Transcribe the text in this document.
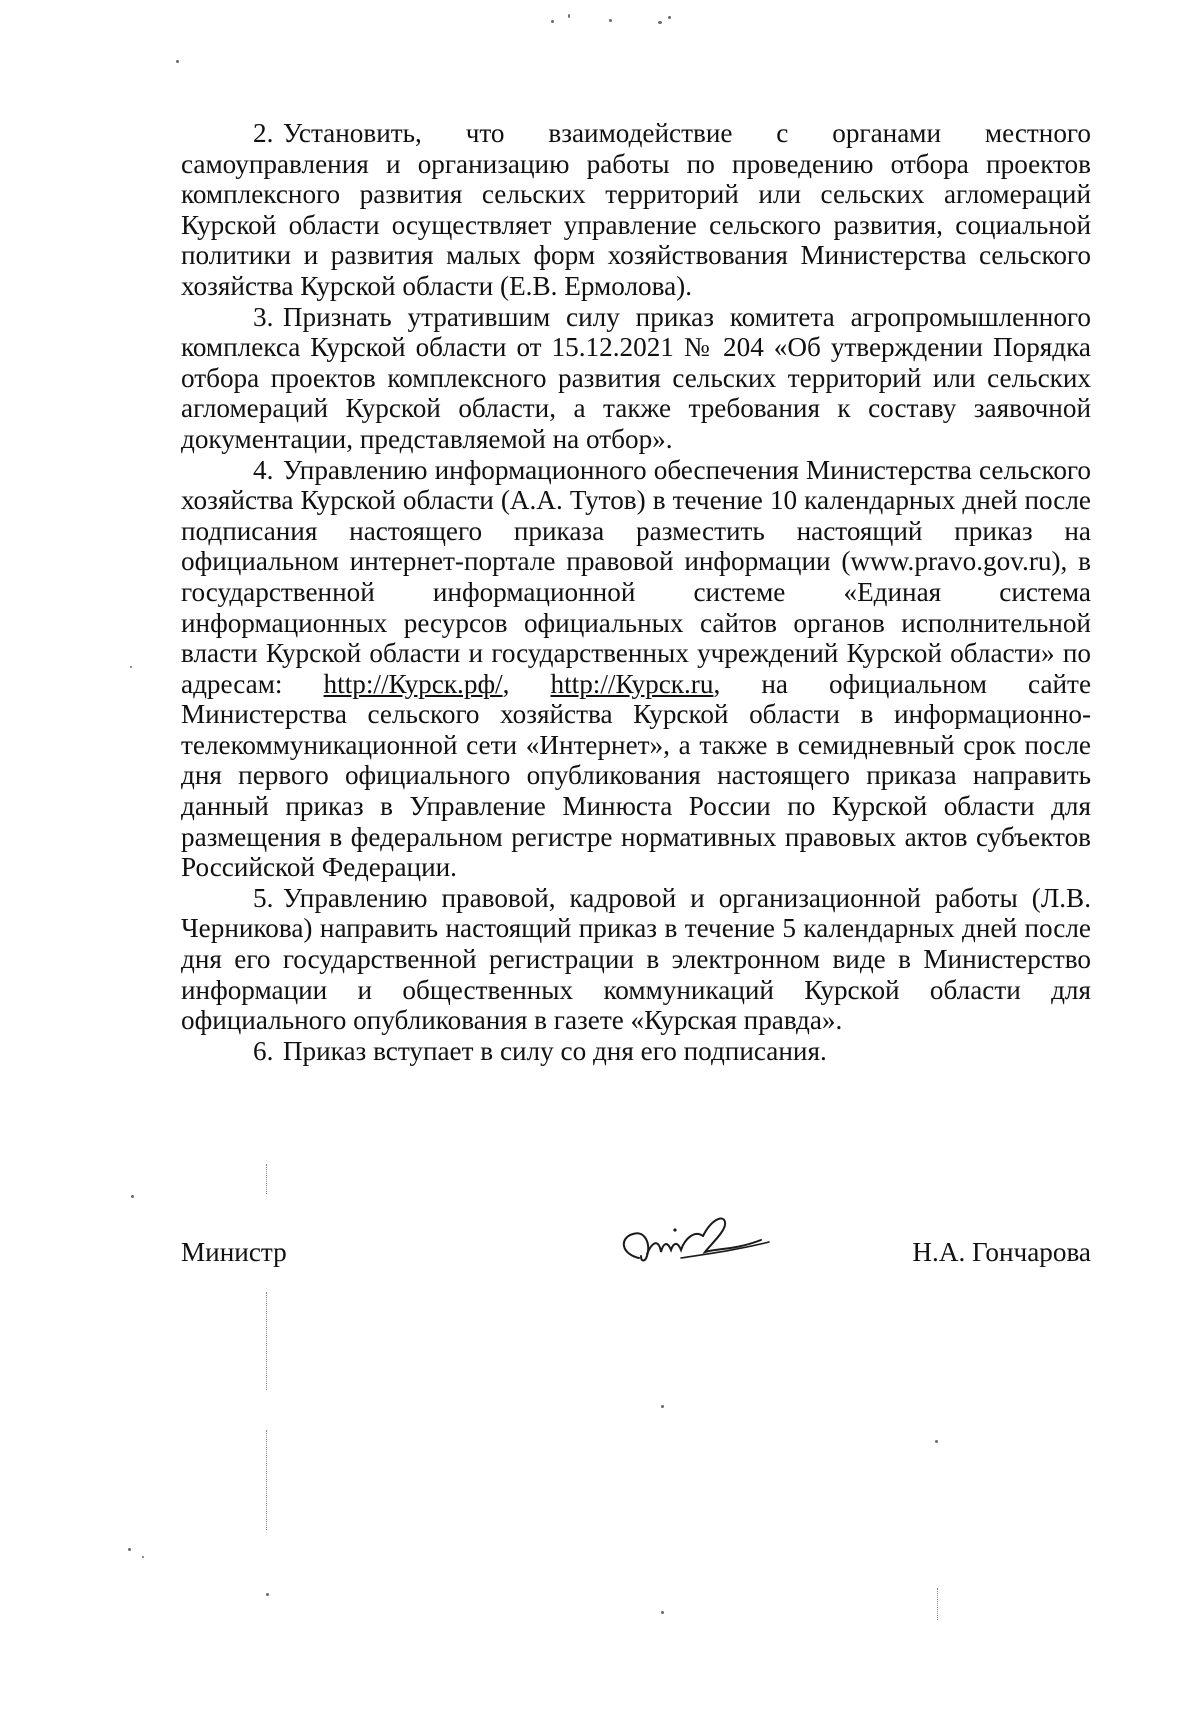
2. Установить, что взаимодействие с органами местного самоуправления и организацию работы по проведению отбора проектов комплексного развития сельских территорий или сельских агломераций Курской области осуществляет управление сельского развития, социальной политики и развития малых форм хозяйствования Министерства сельского хозяйства Курской области (Е.В. Ермолова).

3. Признать утратившим силу приказ комитета агропромышленного комплекса Курской области от 15.12.2021 № 204 «Об утверждении Порядка отбора проектов комплексного развития сельских территорий или сельских агломераций Курской области, а также требования к составу заявочной документации, представляемой на отбор».

4. Управлению информационного обеспечения Министерства сельского хозяйства Курской области (А.А. Тутов) в течение 10 календарных дней после подписания настоящего приказа разместить настоящий приказ на официальном интернет-портале правовой информации (www.pravo.gov.ru), в государственной информационной системе «Единая система информационных ресурсов официальных сайтов органов исполнительной власти Курской области и государственных учреждений Курской области» по адресам: http://Курск.рф/, http://Курск.ru, на официальном сайте Министерства сельского хозяйства Курской области в информационно-телекоммуникационной сети «Интернет», а также в семидневный срок после дня первого официального опубликования настоящего приказа направить данный приказ в Управление Минюста России по Курской области для размещения в федеральном регистре нормативных правовых актов субъектов Российской Федерации.

5. Управлению правовой, кадровой и организационной работы (Л.В. Черникова) направить настоящий приказ в течение 5 календарных дней после дня его государственной регистрации в электронном виде в Министерство информации и общественных коммуникаций Курской области для официального опубликования в газете «Курская правда».

6. Приказ вступает в силу со дня его подписания.

Министр	Н.А. Гончарова
